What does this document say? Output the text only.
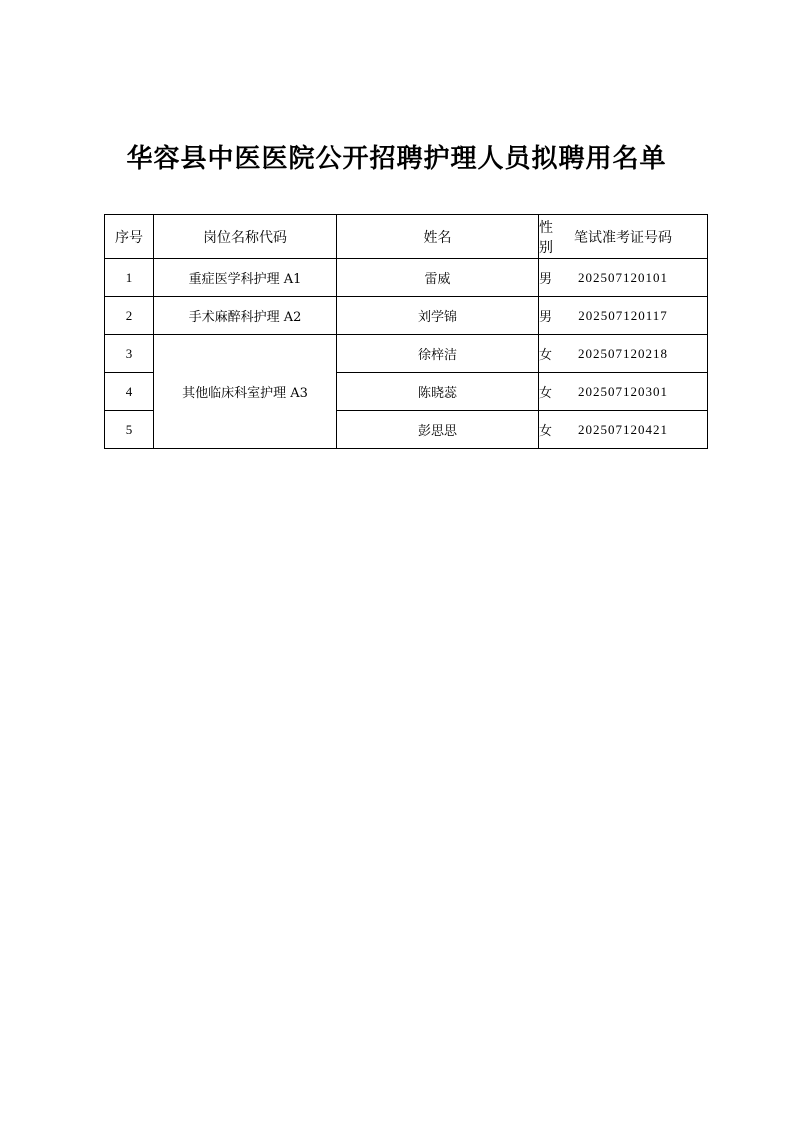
华容县中医医院公开招聘护理人员拟聘用名单
序号	岗位名称代码	姓名	性别	笔试准考证号码
1	重症医学科护理 A1	雷威	男	202507120101
2	手术麻醉科护理 A2	刘学锦	男	202507120117
3	其他临床科室护理 A3	徐梓洁	女	202507120218
4		陈晓蕊	女	202507120301
5		彭思思	女	202507120421
